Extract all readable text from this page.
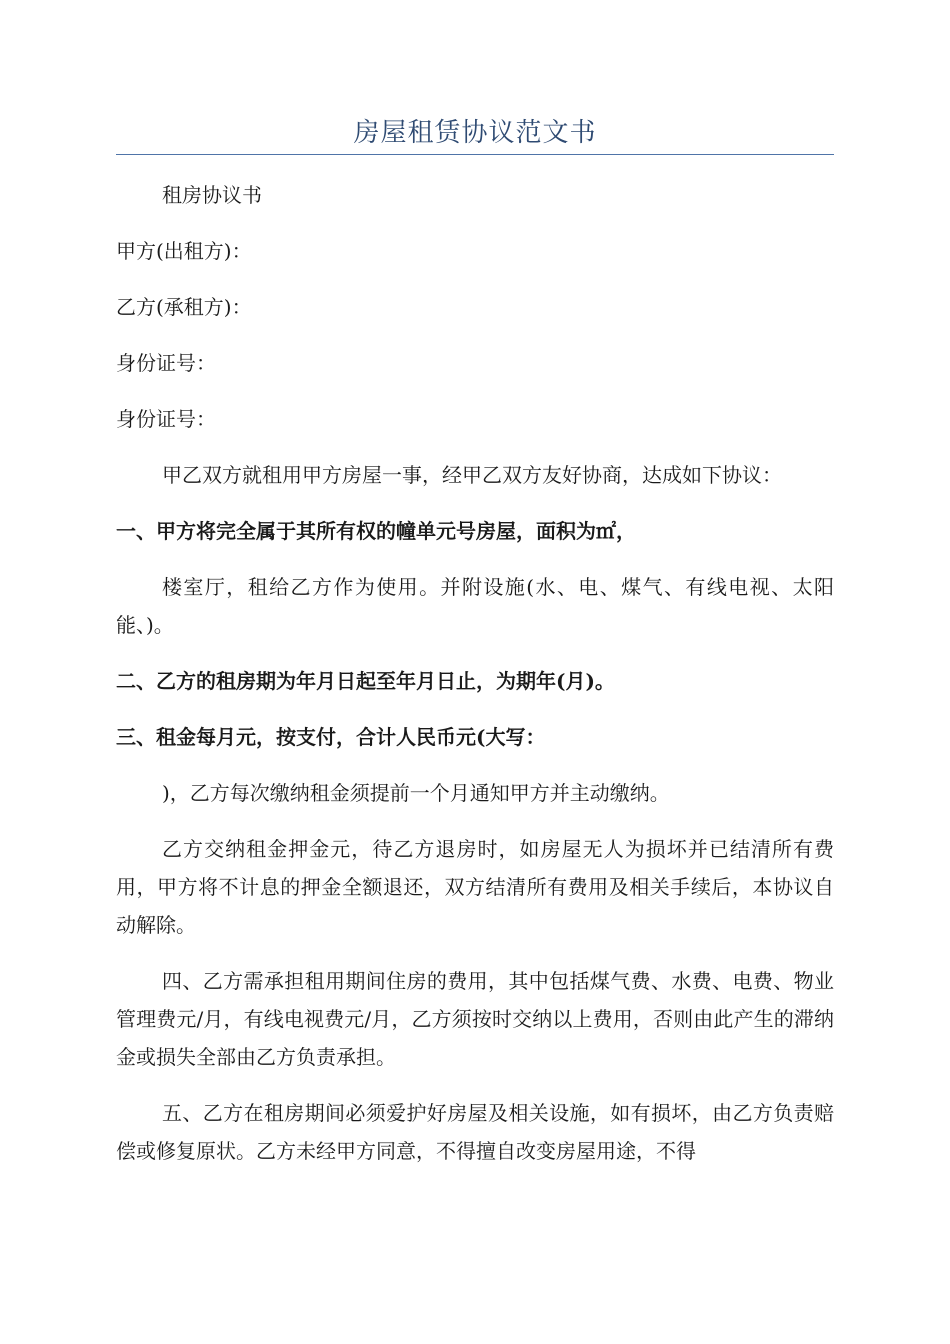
房屋租赁协议范文书

租房协议书

甲方(出租方)：

乙方(承租方)：

身份证号：

身份证号：

甲乙双方就租用甲方房屋一事，经甲乙双方友好协商，达成如下协议：

一、甲方将完全属于其所有权的幢单元号房屋，面积为㎡，

楼室厅，租给乙方作为使用。并附设施(水、电、煤气、有线电视、太阳能、)。

二、乙方的租房期为年月日起至年月日止，为期年(月)。

三、租金每月元，按支付，合计人民币元(大写：

)，乙方每次缴纳租金须提前一个月通知甲方并主动缴纳。

乙方交纳租金押金元，待乙方退房时，如房屋无人为损坏并已结清所有费用，甲方将不计息的押金全额退还，双方结清所有费用及相关手续后，本协议自动解除。

四、乙方需承担租用期间住房的费用，其中包括煤气费、水费、电费、物业管理费元/月，有线电视费元/月，乙方须按时交纳以上费用，否则由此产生的滞纳金或损失全部由乙方负责承担。

五、乙方在租房期间必须爱护好房屋及相关设施，如有损坏，由乙方负责赔偿或修复原状。乙方未经甲方同意，不得擅自改变房屋用途，不得
